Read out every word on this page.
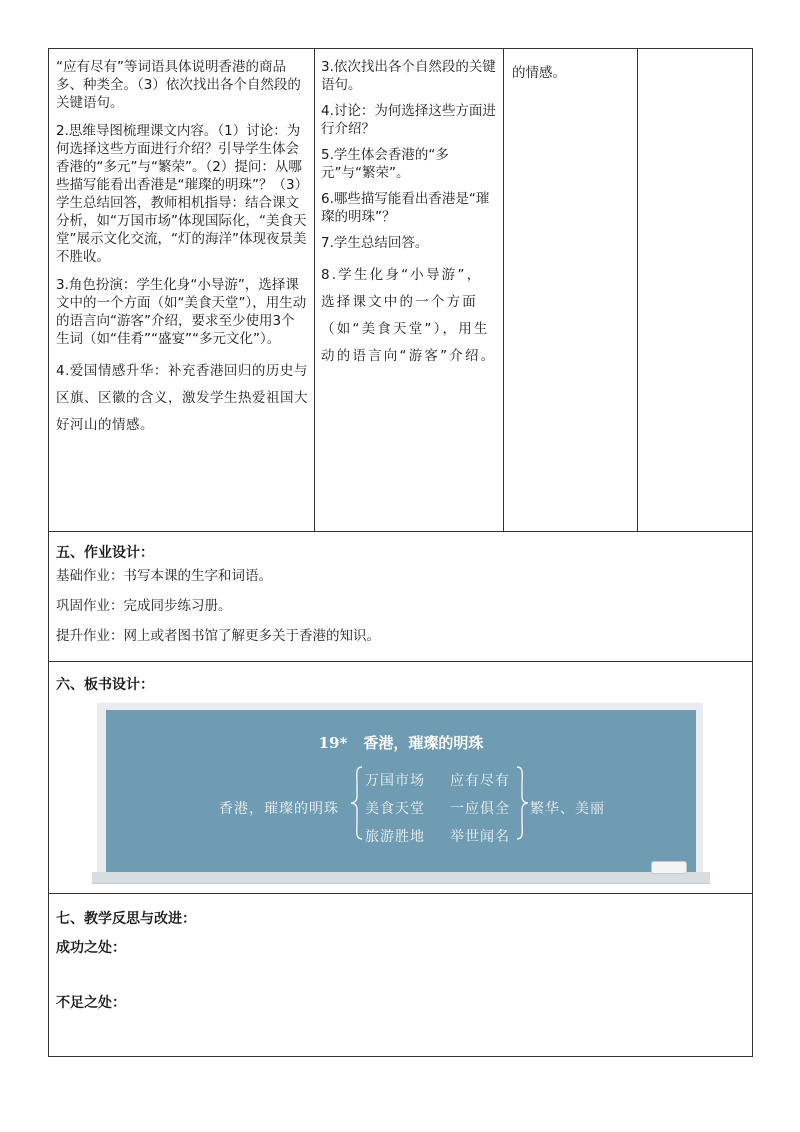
“应有尽有”等词语具体说明香港的商品多、种类全。（3）依次找出各个自然段的关键语句。

2.思维导图梳理课文内容。（1）讨论：为何选择这些方面进行介绍？引导学生体会香港的“多元”与“繁荣”。（2）提问：从哪些描写能看出香港是“璀璨的明珠”？（3）学生总结回答，教师相机指导：结合课文分析，如“万国市场”体现国际化，“美食天堂”展示文化交流，“灯的海洋”体现夜景美不胜收。

3.角色扮演：学生化身“小导游”，选择课文中的一个方面（如“美食天堂”），用生动的语言向“游客”介绍，要求至少使用3个生词（如“佳肴”“盛宴”“多元文化”）。

4.爱国情感升华：补充香港回归的历史与区旗、区徽的含义，激发学生热爱祖国大好河山的情感。

3.依次找出各个自然段的关键语句。

4.讨论：为何选择这些方面进行介绍？

5.学生体会香港的“多元”与“繁荣”。

6.哪些描写能看出香港是“璀璨的明珠”？

7.学生总结回答。

8.学生化身“小导游”，选择课文中的一个方面（如“美食天堂”），用生动的语言向“游客”介绍。

的情感。

五、作业设计：

基础作业：书写本课的生字和词语。

巩固作业：完成同步练习册。

提升作业：网上或者图书馆了解更多关于香港的知识。

六、板书设计：
19* 香港，璀璨的明珠
香港，璀璨的明珠
万国市场
美食天堂
旅游胜地
应有尽有
一应俱全
举世闻名
繁华、美丽
七、教学反思与改进：
成功之处：
不足之处：
